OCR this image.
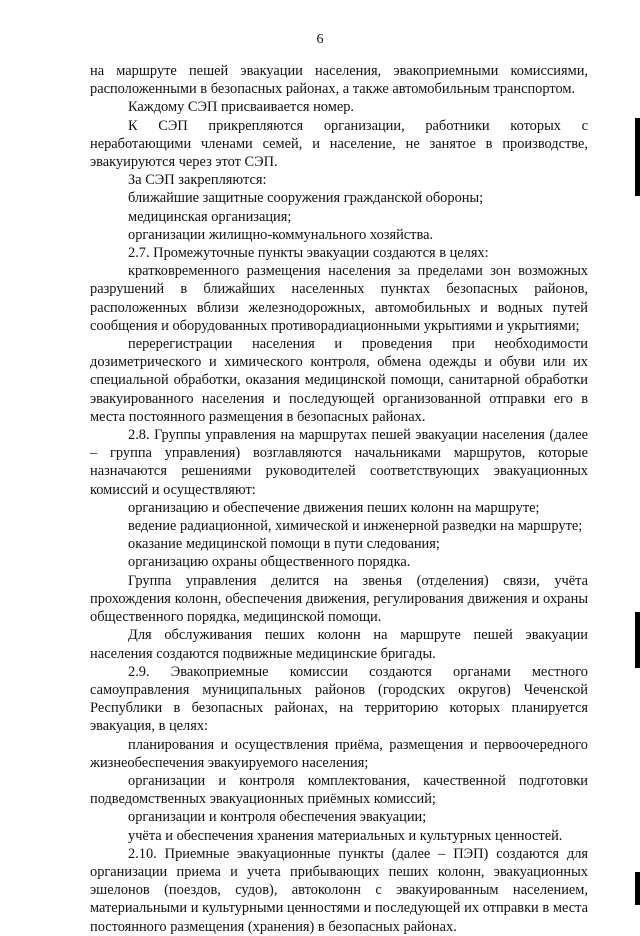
6

на маршруте пешей эвакуации населения, эвакоприемными комиссиями, расположенными в безопасных районах, а также автомобильным транспортом.

Каждому СЭП присваивается номер.

К СЭП прикрепляются организации, работники которых с неработающими членами семей, и население, не занятое в производстве, эвакуируются через этот СЭП.

За СЭП закрепляются:

ближайшие защитные сооружения гражданской обороны;

медицинская организация;

организации жилищно-коммунального хозяйства.

2.7. Промежуточные пункты эвакуации создаются в целях:

кратковременного размещения населения за пределами зон возможных разрушений в ближайших населенных пунктах безопасных районов, расположенных вблизи железнодорожных, автомобильных и водных путей сообщения и оборудованных противорадиационными укрытиями и укрытиями;

перерегистрации населения и проведения при необходимости дозиметрического и химического контроля, обмена одежды и обуви или их специальной обработки, оказания медицинской помощи, санитарной обработки эвакуированного населения и последующей организованной отправки его в места постоянного размещения в безопасных районах.

2.8. Группы управления на маршрутах пешей эвакуации населения (далее – группа управления) возглавляются начальниками маршрутов, которые назначаются решениями руководителей соответствующих эвакуационных комиссий и осуществляют:

организацию и обеспечение движения пеших колонн на маршруте;

ведение радиационной, химической и инженерной разведки на маршруте;

оказание медицинской помощи в пути следования;

организацию охраны общественного порядка.

Группа управления делится на звенья (отделения) связи, учёта прохождения колонн, обеспечения движения, регулирования движения и охраны общественного порядка, медицинской помощи.

Для обслуживания пеших колонн на маршруте пешей эвакуации населения создаются подвижные медицинские бригады.

2.9. Эвакоприемные комиссии создаются органами местного самоуправления муниципальных районов (городских округов) Чеченской Республики в безопасных районах, на территорию которых планируется эвакуация, в целях:

планирования и осуществления приёма, размещения и первоочередного жизнеобеспечения эвакуируемого населения;

организации и контроля комплектования, качественной подготовки подведомственных эвакуационных приёмных комиссий;

организации и контроля обеспечения эвакуации;

учёта и обеспечения хранения материальных и культурных ценностей.

2.10. Приемные эвакуационные пункты (далее – ПЭП) создаются для организации приема и учета прибывающих пеших колонн, эвакуационных эшелонов (поездов, судов), автоколонн с эвакуированным населением, материальными и культурными ценностями и последующей их отправки в места постоянного размещения (хранения) в безопасных районах.
